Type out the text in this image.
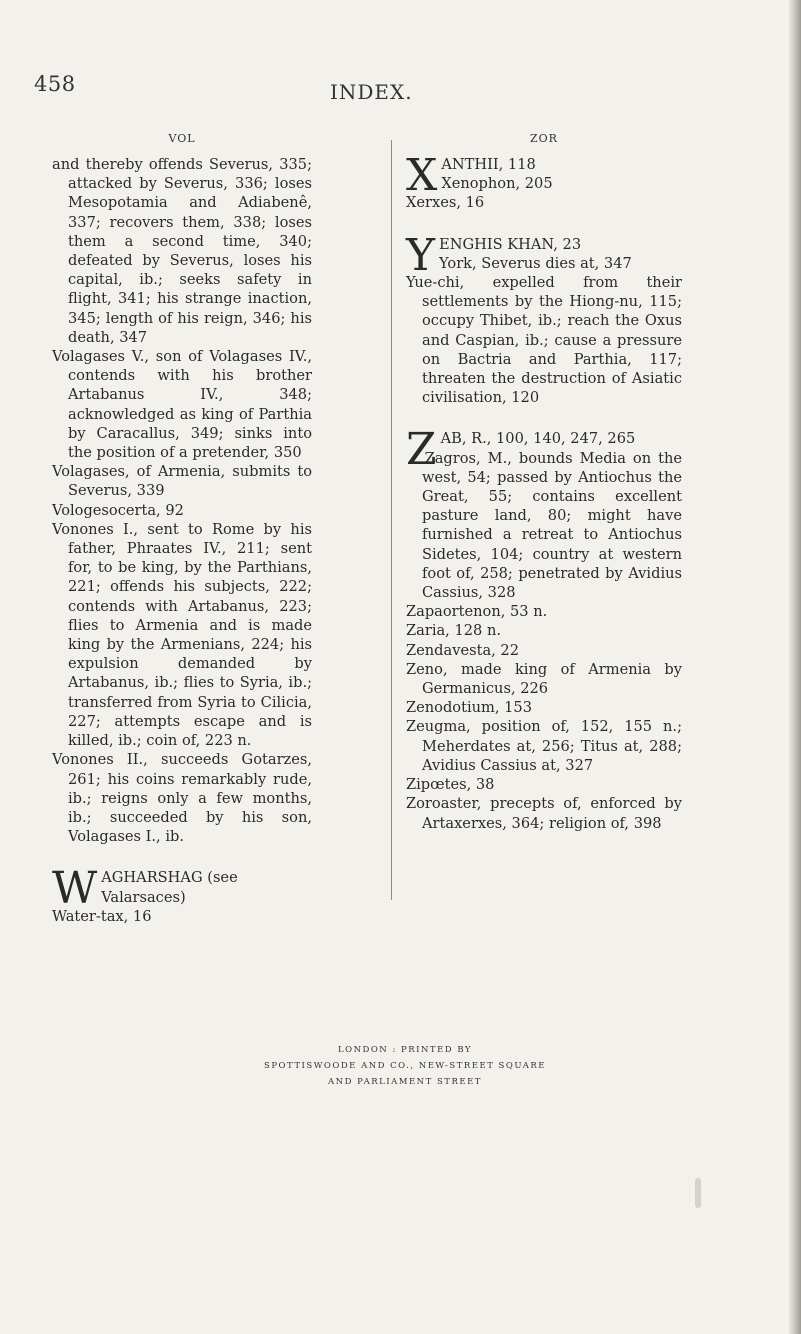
458	INDEX.
VOL

and thereby offends Severus, 335; attacked by Severus, 336; loses Mesopotamia and Adiabenê, 337; recovers them, 338; loses them a second time, 340; defeated by Severus, loses his capital, ib.; seeks safety in flight, 341; his strange inaction, 345; length of his reign, 346; his death, 347

Volagases V., son of Volagases IV., contends with his brother Artabanus IV., 348; acknowledged as king of Parthia by Caracallus, 349; sinks into the position of a pretender, 350

Volagases, of Armenia, submits to Severus, 339

Vologesocerta, 92

Vonones I., sent to Rome by his father, Phraates IV., 211; sent for, to be king, by the Parthians, 221; offends his subjects, 222; contends with Artabanus, 223; flies to Armenia and is made king by the Armenians, 224; his expulsion demanded by Artabanus, ib.; flies to Syria, ib.; transferred from Syria to Cilicia, 227; attempts escape and is killed, ib.; coin of, 223 n.

Vonones II., succeeds Gotarzes, 261; his coins remarkably rude, ib.; reigns only a few months, ib.; succeeded by his son, Volagases I., ib.

W AGHARSHAG (see Valarsaces)

Water-tax, 16

ZOR
X ANTHII, 118

Xenophon, 205

Xerxes, 16

Y ENGHIS KHAN, 23

York, Severus dies at, 347

Yue-chi, expelled from their settlements by the Hiong-nu, 115; occupy Thibet, ib.; reach the Oxus and Caspian, ib.; cause a pressure on Bactria and Parthia, 117; threaten the destruction of Asiatic civilisation, 120

Z AB, R., 100, 140, 247, 265

Zagros, M., bounds Media on the west, 54; passed by Antiochus the Great, 55; contains excellent pasture land, 80; might have furnished a retreat to Antiochus Sidetes, 104; country at western foot of, 258; penetrated by Avidius Cassius, 328

Zapaortenon, 53 n.

Zaria, 128 n.

Zendavesta, 22

Zeno, made king of Armenia by Germanicus, 226

Zenodotium, 153

Zeugma, position of, 152, 155 n.; Meherdates at, 256; Titus at, 288; Avidius Cassius at, 327

Zipœtes, 38

Zoroaster, precepts of, enforced by Artaxerxes, 364; religion of, 398

LONDON : PRINTED BY
SPOTTISWOODE AND CO., NEW-STREET SQUARE
AND PARLIAMENT STREET
